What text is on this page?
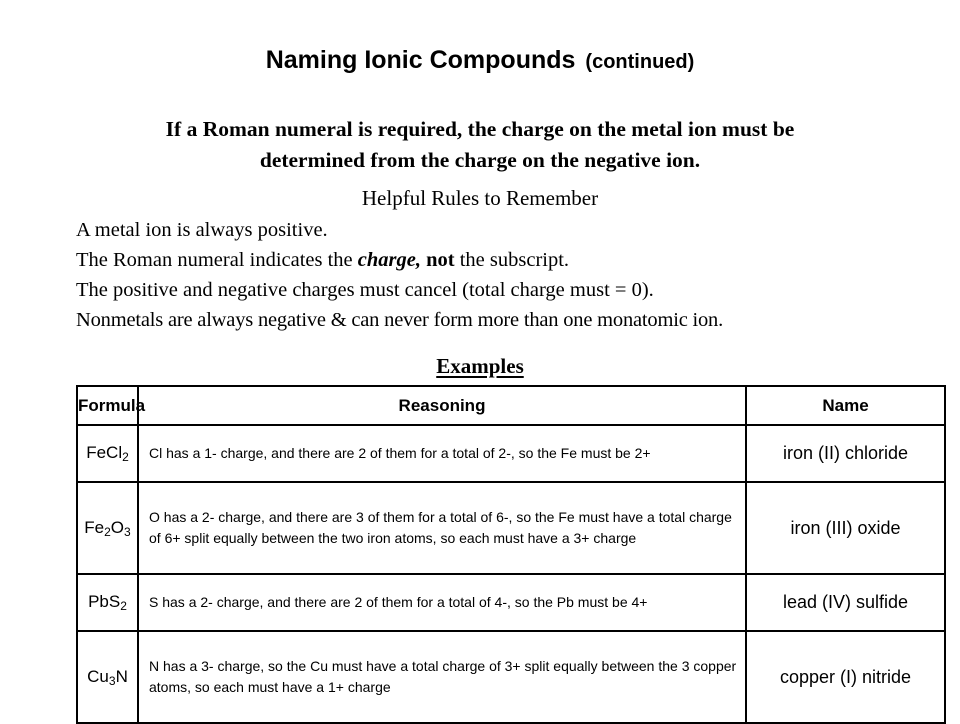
Naming Ionic Compounds (continued)
If a Roman numeral is required, the charge on the metal ion must be
determined from the charge on the negative ion.
Helpful Rules to Remember
A metal ion is always positive.
The Roman numeral indicates the charge, not the subscript.
The positive and negative charges must cancel (total charge must = 0).
Nonmetals are always negative & can never form more than one monatomic ion.
Examples
Formula	Reasoning	Name
FeCl$_2$	Cl has a 1- charge, and there are 2 of them for a total of 2-, so the Fe must be 2+	iron (II) chloride
$Fe_2O_3$	O has a 2- charge, and there are 3 of them for a total of 6-, so the Fe must have a total charge of 6+ split equally between the two iron atoms, so each must have a 3+ charge	iron (III) oxide
PbS$_2$	S has a 2- charge, and there are 2 of them for a total of 4-, so the Pb must be 4+	lead (IV) sulfide
$Cu_3N$	N has a 3- charge, so the Cu must have a total charge of 3+ split equally between the 3 copper atoms, so each must have a 1+ charge	copper (I) nitride
